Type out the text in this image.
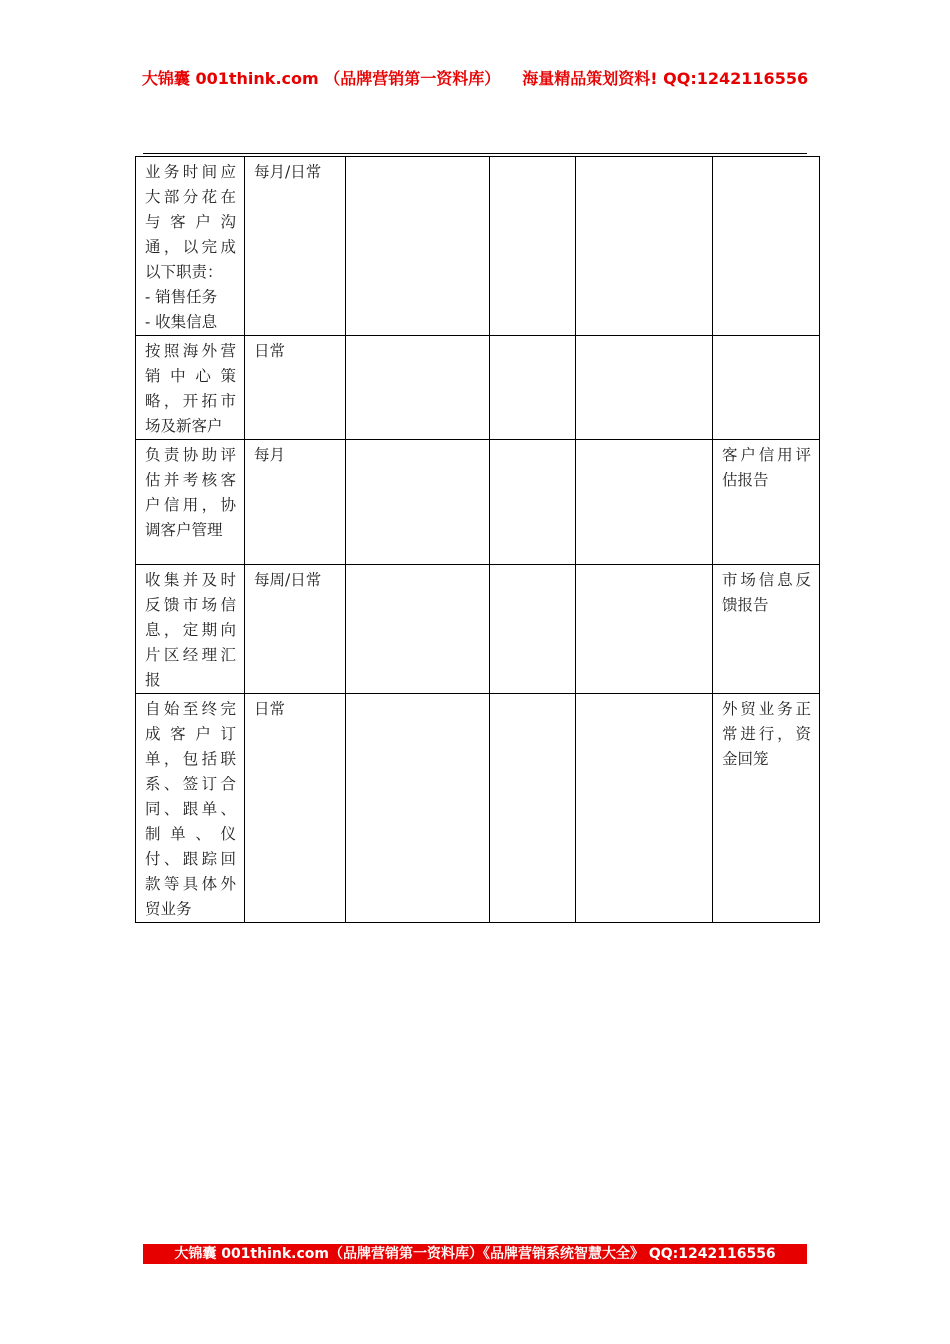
大锦囊 001think.com （品牌营销第一资料库） 海量精品策划资料! QQ:1242116556
业务时间应大部分花在与客户沟通，以完成以下职责：
- 销售任务
- 收集信息	每月/日常				

按照海外营销中心策略，开拓市场及新客户	日常				

负责协助评估并考核客户信用，协调客户管理	每月				客户信用评估报告

收集并及时反馈市场信息，定期向片区经理汇报	每周/日常				市场信息反馈报告

自始至终完成客户订单，包括联系、签订合同、跟单、制单、仪付、跟踪回款等具体外贸业务	日常				外贸业务正常进行，资金回笼
大锦囊 001think.com（品牌营销第一资料库）《品牌营销系统智慧大全》 QQ:1242116556
